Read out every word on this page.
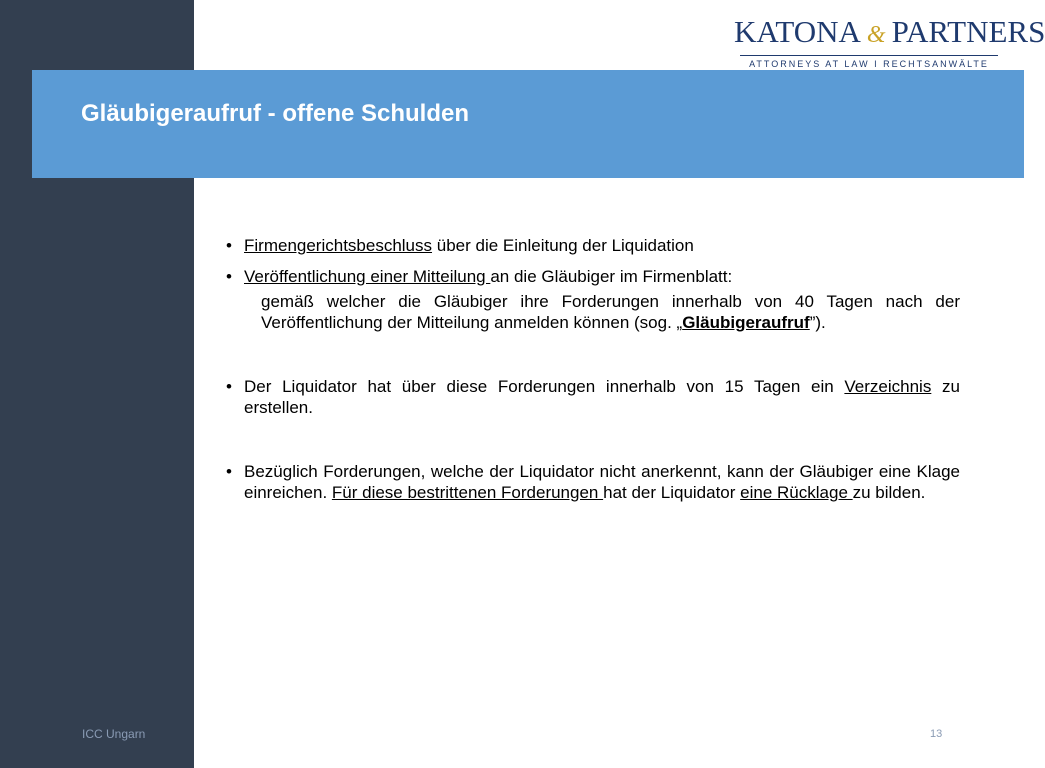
KATONA & PARTNERS
ATTORNEYS AT LAW I RECHTSANWÄLTE
Gläubigeraufruf - offene Schulden
• Firmengerichtsbeschluss über die Einleitung der Liquidation
• Veröffentlichung einer Mitteilung an die Gläubiger im Firmenblatt:
gemäß welcher die Gläubiger ihre Forderungen innerhalb von 40 Tagen nach der Veröffentlichung der Mitteilung anmelden können (sog. „Gläubigeraufruf”).
• Der Liquidator hat über diese Forderungen innerhalb von 15 Tagen ein Verzeichnis zu erstellen.
• Bezüglich Forderungen, welche der Liquidator nicht anerkennt, kann der Gläubiger eine Klage einreichen. Für diese bestrittenen Forderungen hat der Liquidator eine Rücklage zu bilden.
ICC Ungarn	13
